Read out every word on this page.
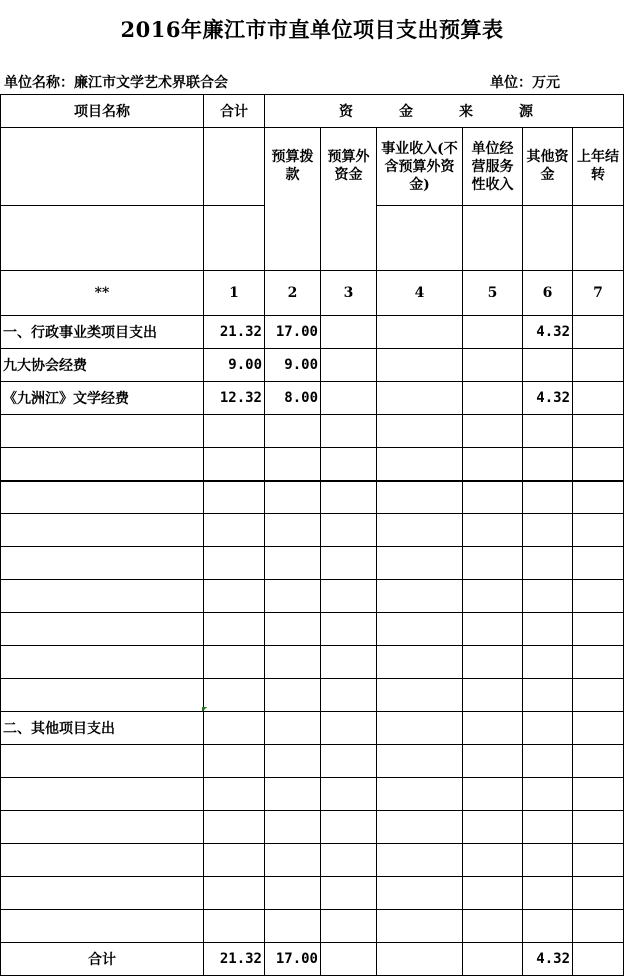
2016年廉江市市直单位项目支出预算表
单位名称：廉江市文学艺术界联合会	单位：万元
项目名称	合计	资　金　来　源					
		预算拨款	预算外资金	事业收入(不含预算外资金)	单位经营服务性收入	其他资金	上年结转

**	1	2	3	4	5	6	7
一、行政事业类项目支出	21.32	17.00				4.32	
九大协会经费	9.00	9.00					
《九洲江》文学经费	12.32	8.00				4.32	

二、其他项目支出							

合计	21.32	17.00				4.32	
